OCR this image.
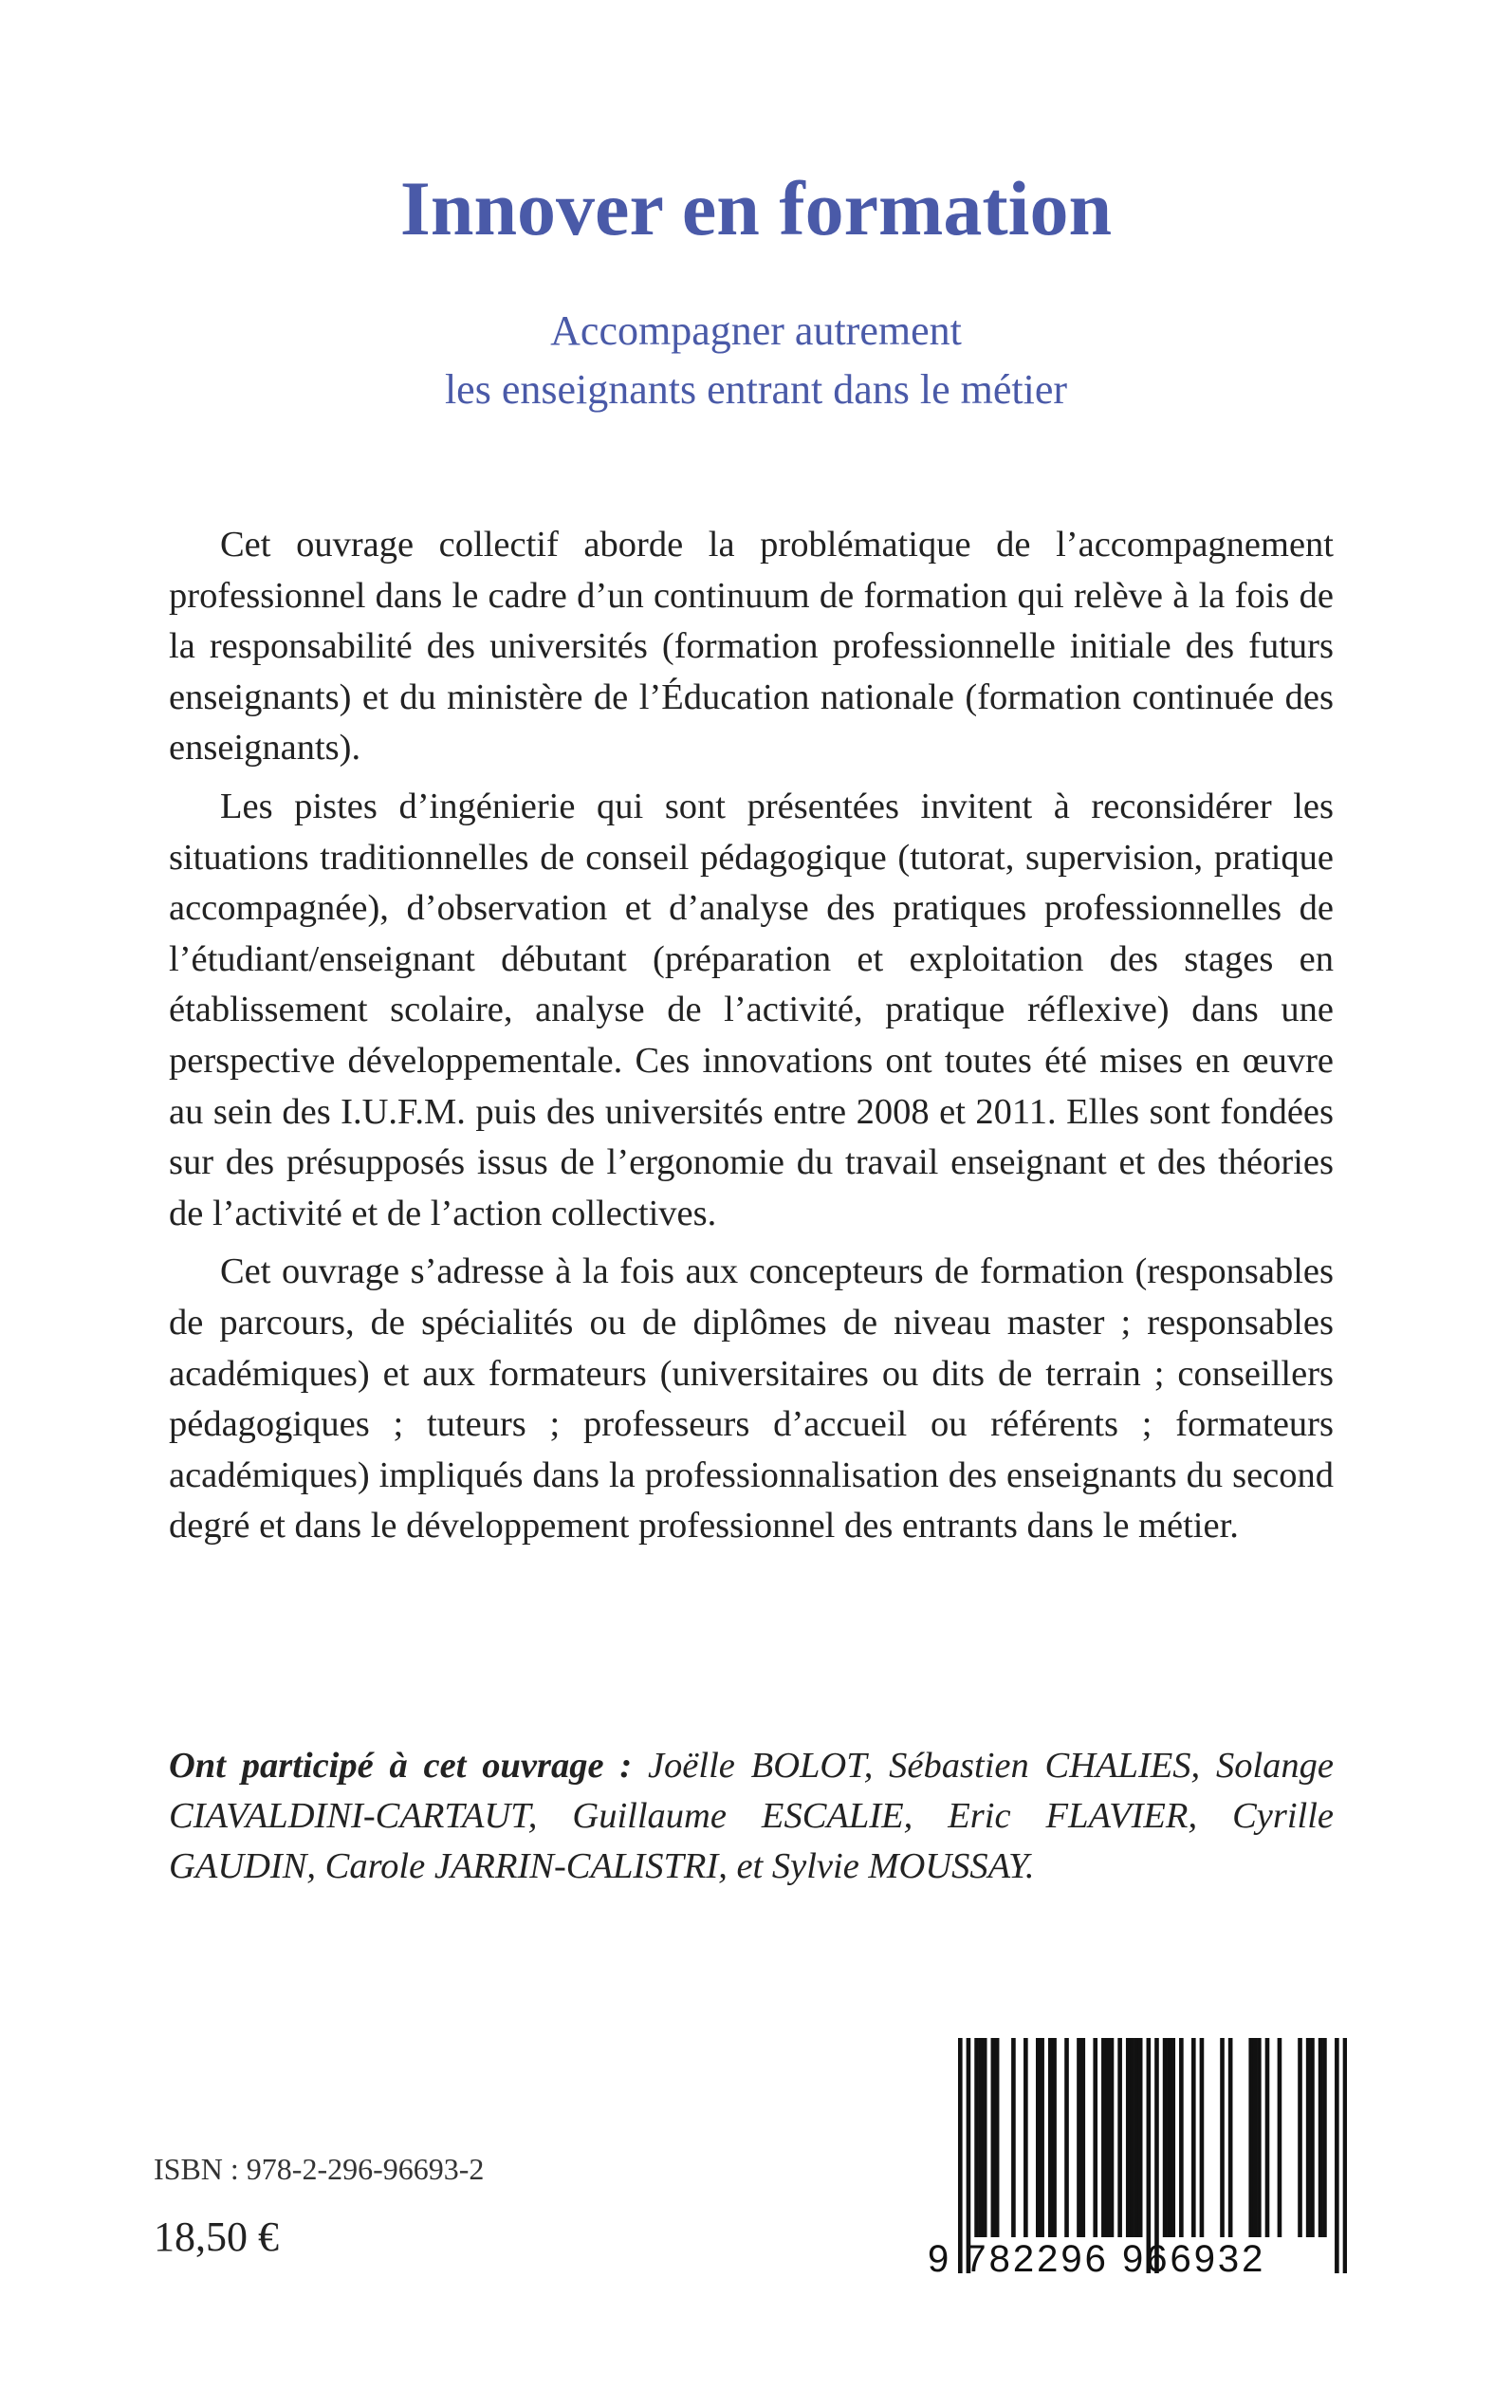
Innover en formation
Accompagner autrement
les enseignants entrant dans le métier

Cet ouvrage collectif aborde la problématique de l’accompagnement professionnel dans le cadre d’un continuum de formation qui relève à la fois de la responsabilité des universités (formation professionnelle initiale des futurs enseignants) et du ministère de l’Éducation nationale (formation continuée des enseignants).

Les pistes d’ingénierie qui sont présentées invitent à reconsidérer les situations traditionnelles de conseil pédagogique (tutorat, supervision, pratique accompagnée), d’observation et d’analyse des pratiques professionnelles de l’étudiant/enseignant débutant (préparation et exploitation des stages en établissement scolaire, analyse de l’activité, pratique réflexive) dans une perspective développementale. Ces innovations ont toutes été mises en œuvre au sein des I.U.F.M. puis des universités entre 2008 et 2011. Elles sont fondées sur des présupposés issus de l’ergonomie du travail enseignant et des théories de l’activité et de l’action collectives.

Cet ouvrage s’adresse à la fois aux concepteurs de formation (responsables de parcours, de spécialités ou de diplômes de niveau master ; responsables académiques) et aux formateurs (universitaires ou dits de terrain ; conseillers pédagogiques ; tuteurs ; professeurs d’accueil ou référents ; formateurs académiques) impliqués dans la professionnalisation des enseignants du second degré et dans le développement professionnel des entrants dans le métier.

Ont participé à cet ouvrage : Joëlle BOLOT, Sébastien CHALIES, Solange CIAVALDINI-CARTAUT, Guillaume ESCALIE, Eric FLAVIER, Cyrille GAUDIN, Carole JARRIN-CALISTRI, et Sylvie MOUSSAY.
ISBN : 978-2-296-96693-2
18,50 €	9 782296 966932
